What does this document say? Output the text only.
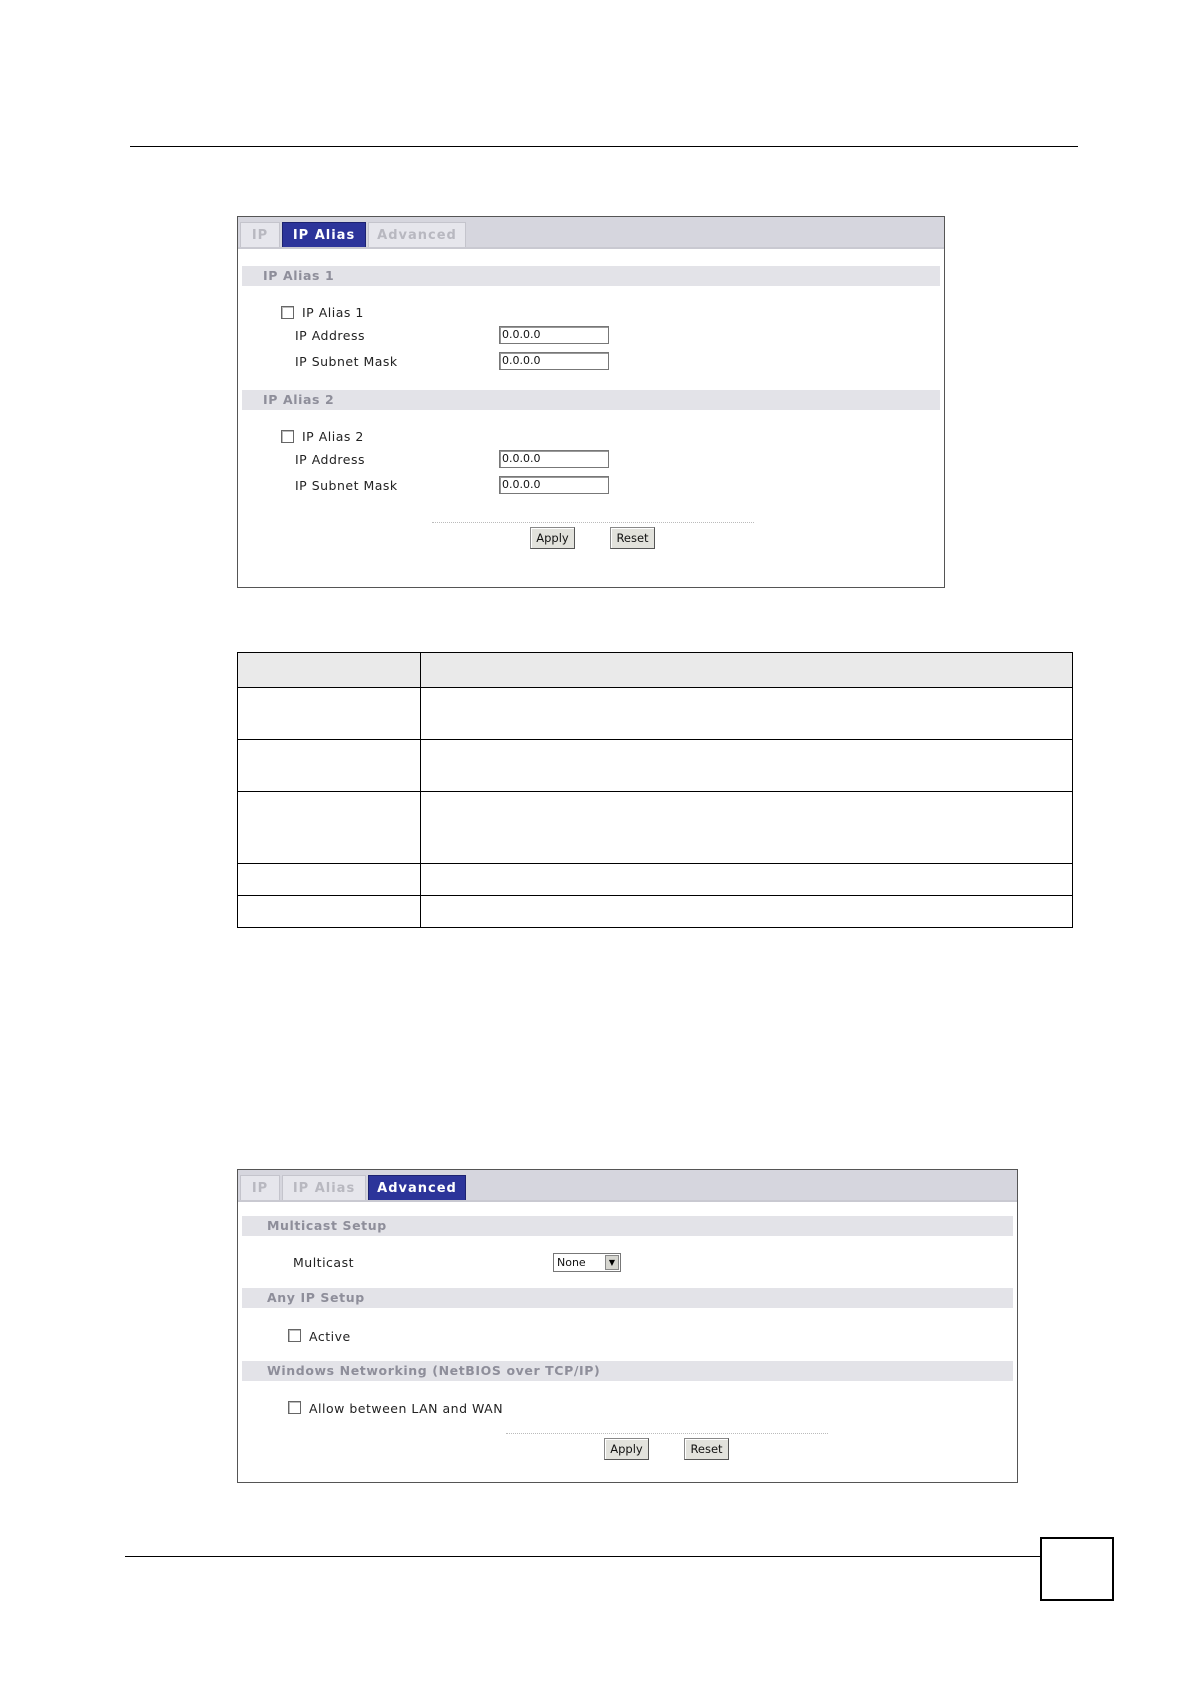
IP	IP Alias	Advanced
IP Alias 1
IP Alias 1
IP Address	0.0.0.0
IP Subnet Mask	0.0.0.0
IP Alias 2
IP Alias 2
IP Address	0.0.0.0
IP Subnet Mask	0.0.0.0
Apply	Reset

IP	IP Alias	Advanced
Multicast Setup
Multicast	None	▼
Any IP Setup
Active
Windows Networking (NetBIOS over TCP/IP)
Allow between LAN and WAN
Apply	Reset
